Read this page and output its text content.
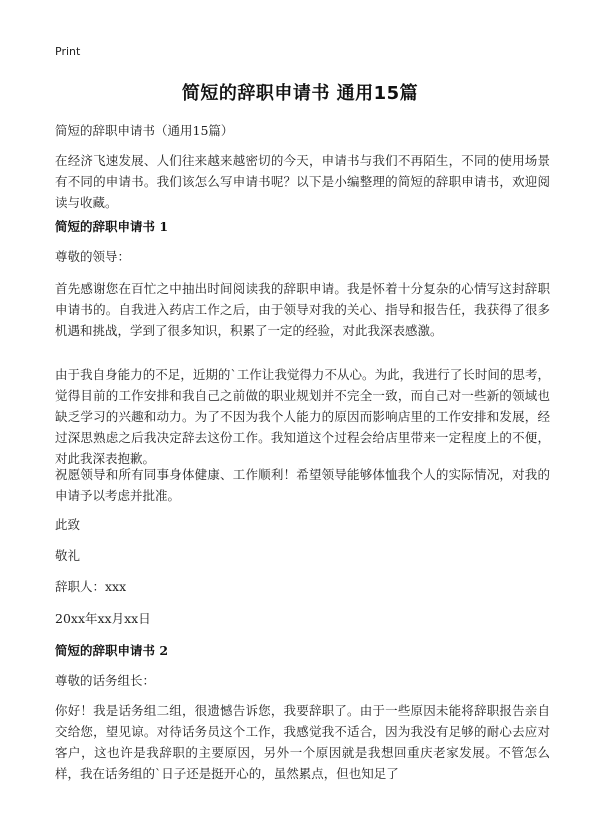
Print
简短的辞职申请书 通用15篇
简短的辞职申请书（通用15篇）

在经济飞速发展、人们往来越来越密切的今天，申请书与我们不再陌生，不同的使用场景有不同的申请书。我们该怎么写申请书呢？以下是小编整理的简短的辞职申请书，欢迎阅读与收藏。

简短的辞职申请书 1
尊敬的领导：

首先感谢您在百忙之中抽出时间阅读我的辞职申请。我是怀着十分复杂的心情写这封辞职申请书的。自我进入药店工作之后，由于领导对我的关心、指导和报告任，我获得了很多机遇和挑战，学到了很多知识，积累了一定的经验，对此我深表感激。

由于我自身能力的不足，近期的`工作让我觉得力不从心。为此，我进行了长时间的思考，觉得目前的工作安排和我自己之前做的职业规划并不完全一致，而自己对一些新的领域也缺乏学习的兴趣和动力。为了不因为我个人能力的原因而影响店里的工作安排和发展，经过深思熟虑之后我决定辞去这份工作。我知道这个过程会给店里带来一定程度上的不便，对此我深表抱歉。

祝愿领导和所有同事身体健康、工作顺利！希望领导能够体恤我个人的实际情况，对我的申请予以考虑并批准。

此致
敬礼
辞职人：xxx
20xx年xx月xx日
简短的辞职申请书 2
尊敬的话务组长：

你好！我是话务组二组，很遗憾告诉您，我要辞职了。由于一些原因未能将辞职报告亲自交给您，望见谅。对待话务员这个工作，我感觉我不适合，因为我没有足够的耐心去应对客户，这也许是我辞职的主要原因，另外一个原因就是我想回重庆老家发展。不管怎么样，我在话务组的`日子还是挺开心的，虽然累点，但也知足了
